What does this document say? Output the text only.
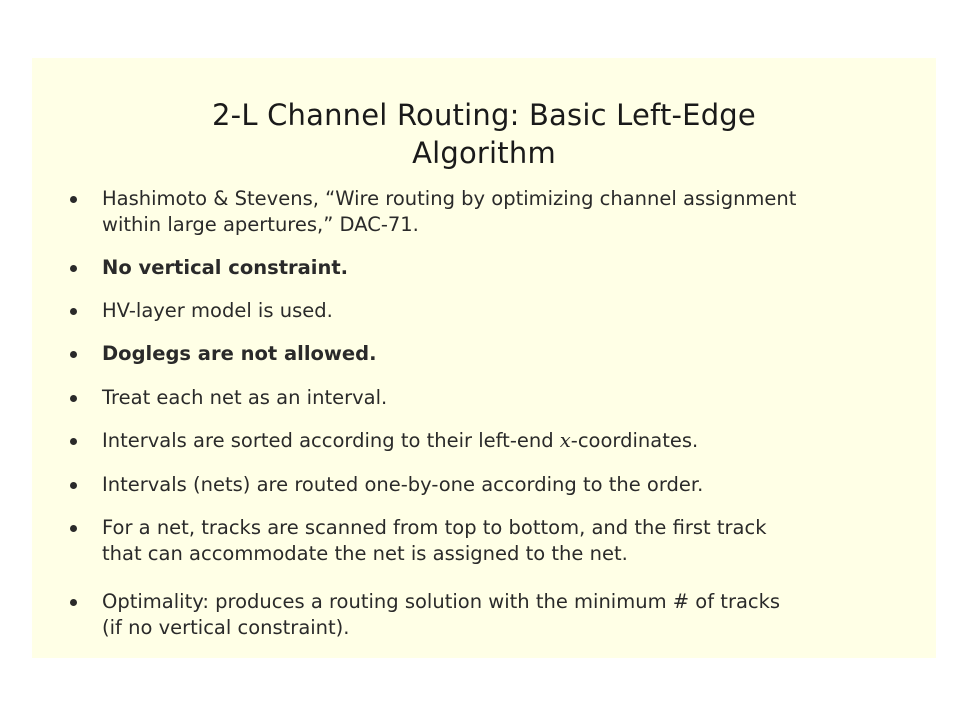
2-L Channel Routing: Basic Left-Edge
Algorithm
Hashimoto & Stevens, “Wire routing by optimizing channel assignment
within large apertures,” DAC-71.
No vertical constraint.
HV-layer model is used.
Doglegs are not allowed.
Treat each net as an interval.
Intervals are sorted according to their left-end x-coordinates.
Intervals (nets) are routed one-by-one according to the order.
For a net, tracks are scanned from top to bottom, and the first track
that can accommodate the net is assigned to the net.
Optimality: produces a routing solution with the minimum # of tracks
(if no vertical constraint).
